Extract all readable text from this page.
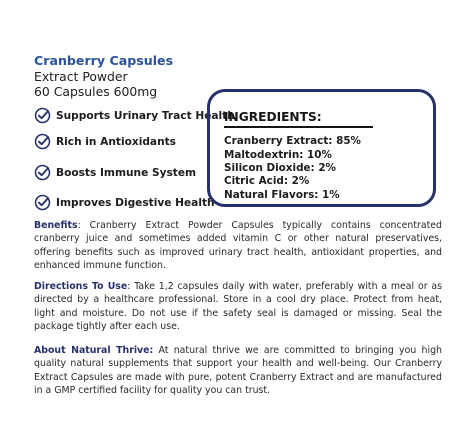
Cranberry Capsules
Extract Powder
60 Capsules 600mg
Supports Urinary Tract Health
Rich in Antioxidants
Boosts Immune System
Improves Digestive Health
INGREDIENTS:
Cranberry Extract: 85%
Maltodextrin: 10%
Silicon Dioxide: 2%
Citric Acid: 2%
Natural Flavors: 1%

Benefits: Cranberry Extract Powder Capsules typically contains concentrated cranberry juice and sometimes added vitamin C or other natural preservatives, offering benefits such as improved urinary tract health, antioxidant properties, and enhanced immune function.

Directions To Use: Take 1,2 capsules daily with water, preferably with a meal or as directed by a healthcare professional. Store in a cool dry place. Protect from heat, light and moisture. Do not use if the safety seal is damaged or missing. Seal the package tightly after each use.

About Natural Thrive: At natural thrive we are committed to bringing you high quality natural supplements that support your health and well-being. Our Cranberry Extract Capsules are made with pure, potent Cranberry Extract and are manufactured in a GMP certified facility for quality you can trust.
